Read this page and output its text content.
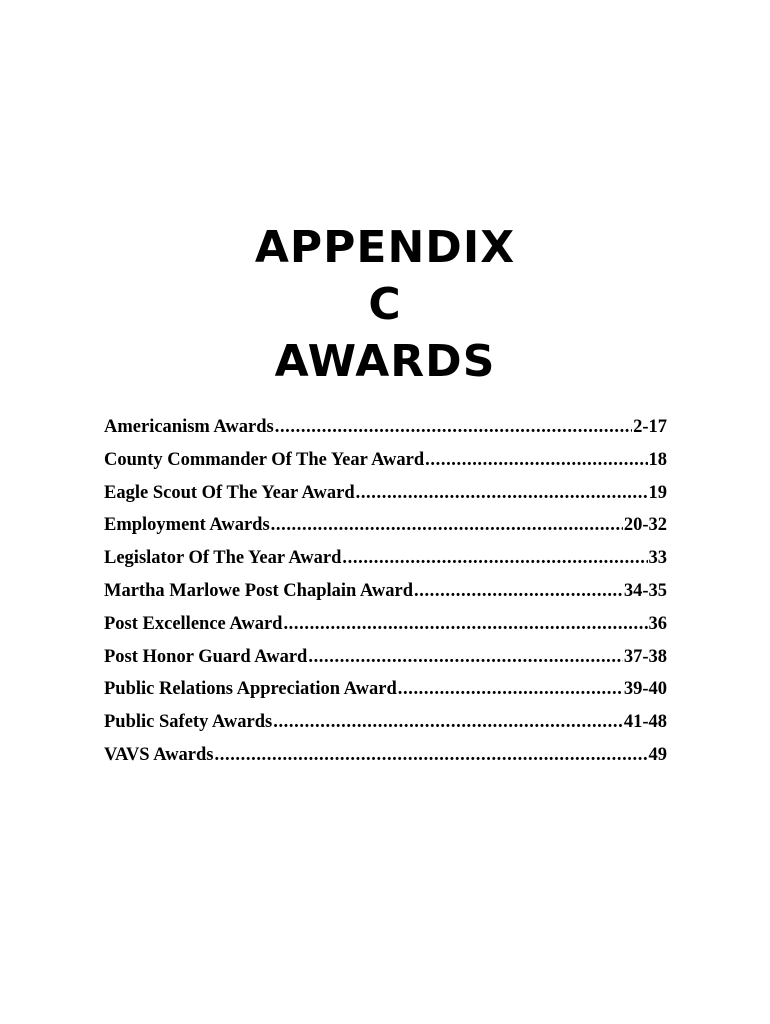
APPENDIX
C
AWARDS
Americanism Awards .....	2-17
County Commander Of The Year Award .....	18
Eagle Scout Of The Year Award .....	19
Employment Awards .....	20-32
Legislator Of The Year Award .....	33
Martha Marlowe Post Chaplain Award .....	34-35
Post Excellence Award .....	36
Post Honor Guard Award .....	37-38
Public Relations Appreciation Award .....	39-40
Public Safety Awards .....	41-48
VAVS Awards .....	49
